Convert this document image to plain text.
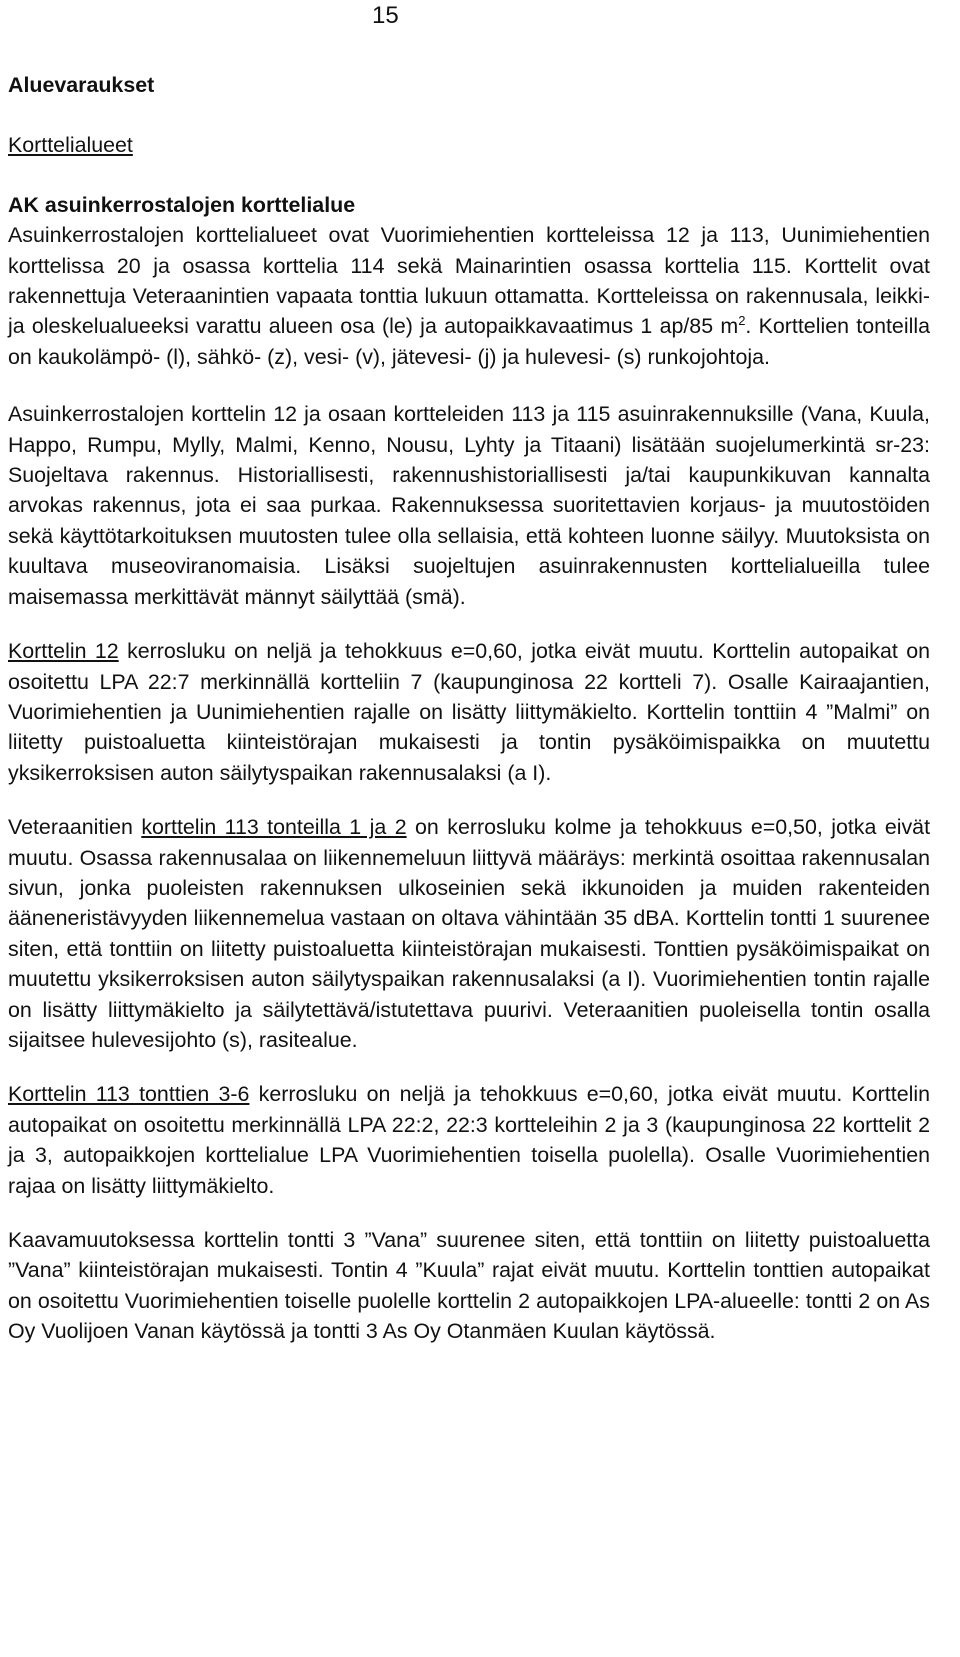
15

Aluevaraukset

Korttelialueet

AK asuinkerrostalojen korttelialue

Asuinkerrostalojen korttelialueet ovat Vuorimiehentien kortteleissa 12 ja 113, Uunimiehentien korttelissa 20 ja osassa korttelia 114 sekä Mainarintien osassa korttelia 115. Korttelit ovat rakennettuja Veteraanintien vapaata tonttia lukuun ottamatta. Kortteleissa on rakennusala, leikki- ja oleskelualueeksi varattu alueen osa (le) ja autopaikkavaatimus 1 ap/85 $m^2$. Korttelien tonteilla on kaukolämpö- (l), sähkö- (z), vesi- (v), jätevesi- (j) ja hulevesi- (s) runkojohtoja.

Asuinkerrostalojen korttelin 12 ja osaan kortteleiden 113 ja 115 asuinrakennuksille (Vana, Kuula, Happo, Rumpu, Mylly, Malmi, Kenno, Nousu, Lyhty ja Titaani) lisätään suojelumerkintä sr-23: Suojeltava rakennus. Historiallisesti, rakennushistoriallisesti ja/tai kaupunkikuvan kannalta arvokas rakennus, jota ei saa purkaa. Rakennuksessa suoritettavien korjaus- ja muutostöiden sekä käyttötarkoituksen muutosten tulee olla sellaisia, että kohteen luonne säilyy. Muutoksista on kuultava museoviranomaisia. Lisäksi suojeltujen asuinrakennusten korttelialueilla tulee maisemassa merkittävät männyt säilyttää (smä).

Korttelin 12 kerrosluku on neljä ja tehokkuus e=0,60, jotka eivät muutu. Korttelin autopaikat on osoitettu LPA 22:7 merkinnällä kortteliin 7 (kaupunginosa 22 kortteli 7). Osalle Kairaajantien, Vuorimiehentien ja Uunimiehentien rajalle on lisätty liittymäkielto. Korttelin tonttiin 4 ”Malmi” on liitetty puistoaluetta kiinteistörajan mukaisesti ja tontin pysäköimispaikka on muutettu yksikerroksisen auton säilytyspaikan rakennusalaksi (a I).

Veteraanitien korttelin 113 tonteilla 1 ja 2 on kerrosluku kolme ja tehokkuus e=0,50, jotka eivät muutu. Osassa rakennusalaa on liikennemeluun liittyvä määräys: merkintä osoittaa rakennusalan sivun, jonka puoleisten rakennuksen ulkoseinien sekä ikkunoiden ja muiden rakenteiden ääneneristävyyden liikennemelua vastaan on oltava vähintään 35 dBA. Korttelin tontti 1 suurenee siten, että tonttiin on liitetty puistoaluetta kiinteistörajan mukaisesti. Tonttien pysäköimispaikat on muutettu yksikerroksisen auton säilytyspaikan rakennusalaksi (a I). Vuorimiehentien tontin rajalle on lisätty liittymäkielto ja säilytettävä/istutettava puurivi. Veteraanitien puoleisella tontin osalla sijaitsee hulevesijohto (s), rasitealue.

Korttelin 113 tonttien 3-6 kerrosluku on neljä ja tehokkuus e=0,60, jotka eivät muutu. Korttelin autopaikat on osoitettu merkinnällä LPA 22:2, 22:3 kortteleihin 2 ja 3 (kaupunginosa 22 korttelit 2 ja 3, autopaikkojen korttelialue LPA Vuorimiehentien toisella puolella). Osalle Vuorimiehentien rajaa on lisätty liittymäkielto.

Kaavamuutoksessa korttelin tontti 3 ”Vana” suurenee siten, että tonttiin on liitetty puistoaluetta ”Vana” kiinteistörajan mukaisesti. Tontin 4 ”Kuula” rajat eivät muutu. Korttelin tonttien autopaikat on osoitettu Vuorimiehentien toiselle puolelle korttelin 2 autopaikkojen LPA-alueelle: tontti 2 on As Oy Vuolijoen Vanan käytössä ja tontti 3 As Oy Otanmäen Kuulan käytössä.
